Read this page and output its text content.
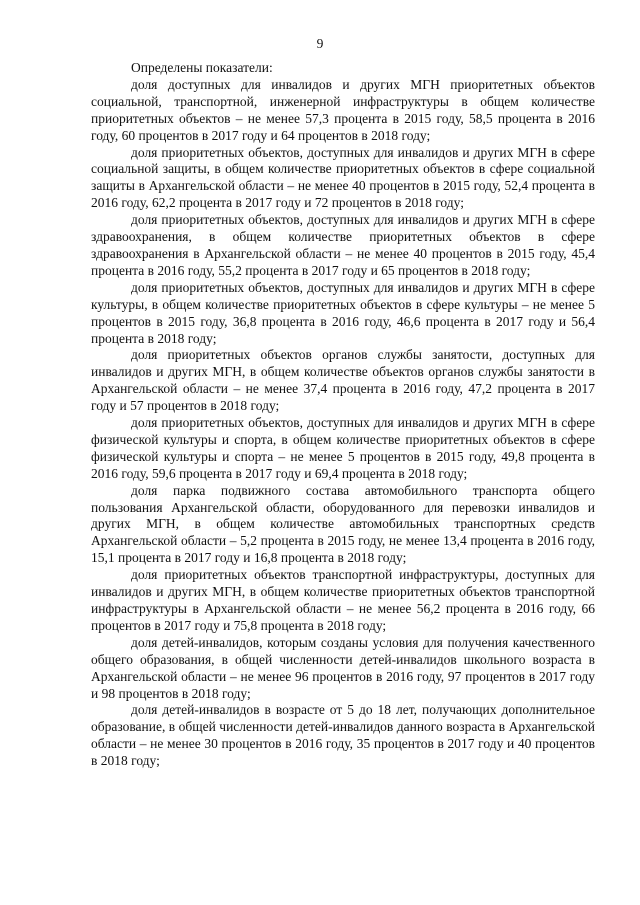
9

Определены показатели:

доля доступных для инвалидов и других МГН приоритетных объектов социальной, транспортной, инженерной инфраструктуры в общем количестве приоритетных объектов – не менее 57,3 процента в 2015 году, 58,5 процента в 2016 году, 60 процентов в 2017 году и 64 процентов в 2018 году;

доля приоритетных объектов, доступных для инвалидов и других МГН в сфере социальной защиты, в общем количестве приоритетных объектов в сфере социальной защиты в Архангельской области – не менее 40 процентов в 2015 году, 52,4 процента в 2016 году, 62,2 процента в 2017 году и 72 процентов в 2018 году;

доля приоритетных объектов, доступных для инвалидов и других МГН в сфере здравоохранения, в общем количестве приоритетных объектов в сфере здравоохранения в Архангельской области – не менее 40 процентов в 2015 году, 45,4 процента в 2016 году, 55,2 процента в 2017 году и 65 процентов в 2018 году;

доля приоритетных объектов, доступных для инвалидов и других МГН в сфере культуры, в общем количестве приоритетных объектов в сфере культуры – не менее 5 процентов в 2015 году, 36,8 процента в 2016 году, 46,6 процента в 2017 году и 56,4 процента в 2018 году;

доля приоритетных объектов органов службы занятости, доступных для инвалидов и других МГН, в общем количестве объектов органов службы занятости в Архангельской области – не менее 37,4 процента в 2016 году, 47,2 процента в 2017 году и 57 процентов в 2018 году;

доля приоритетных объектов, доступных для инвалидов и других МГН в сфере физической культуры и спорта, в общем количестве приоритетных объектов в сфере физической культуры и спорта – не менее 5 процентов в 2015 году, 49,8 процента в 2016 году, 59,6 процента в 2017 году и 69,4 процента в 2018 году;

доля парка подвижного состава автомобильного транспорта общего пользования Архангельской области, оборудованного для перевозки инвалидов и других МГН, в общем количестве автомобильных транспортных средств Архангельской области – 5,2 процента в 2015 году, не менее 13,4 процента в 2016 году, 15,1 процента в 2017 году и 16,8 процента в 2018 году;

доля приоритетных объектов транспортной инфраструктуры, доступных для инвалидов и других МГН, в общем количестве приоритетных объектов транспортной инфраструктуры в Архангельской области – не менее 56,2 процента в 2016 году, 66 процентов в 2017 году и 75,8 процента в 2018 году;

доля детей-инвалидов, которым созданы условия для получения качественного общего образования, в общей численности детей-инвалидов школьного возраста в Архангельской области – не менее 96 процентов в 2016 году, 97 процентов в 2017 году и 98 процентов в 2018 году;

доля детей-инвалидов в возрасте от 5 до 18 лет, получающих дополнительное образование, в общей численности детей-инвалидов данного возраста в Архангельской области – не менее 30 процентов в 2016 году, 35 процентов в 2017 году и 40 процентов в 2018 году;
